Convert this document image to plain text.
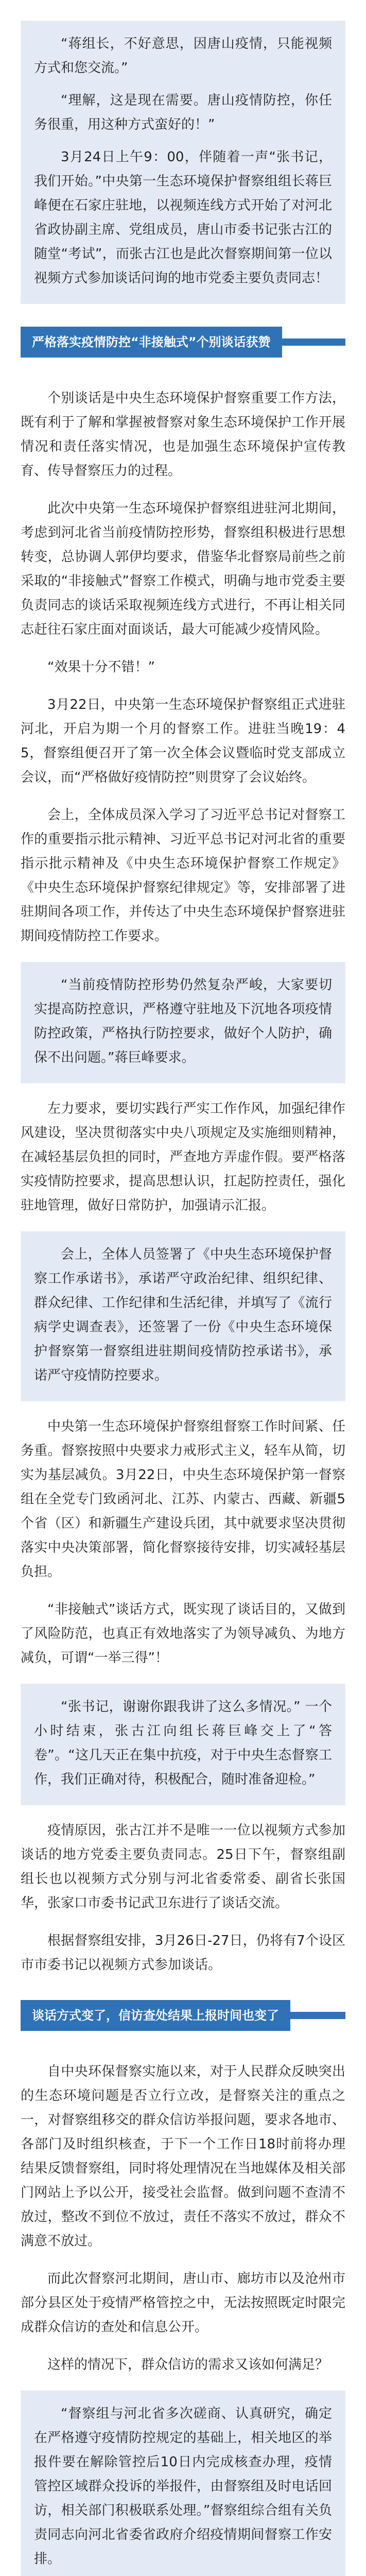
“蒋组长，不好意思，因唐山疫情，只能视频方式和您交流。”

“理解，这是现在需要。唐山疫情防控，你任务很重，用这种方式蛮好的！”

3月24日上午9：00，伴随着一声“张书记，我们开始。”中央第一生态环境保护督察组组长蒋巨峰便在石家庄驻地，以视频连线方式开始了对河北省政协副主席、党组成员，唐山市委书记张古江的随堂“考试”，而张古江也是此次督察期间第一位以视频方式参加谈话问询的地市党委主要负责同志！

严格落实疫情防控“非接触式”个别谈话获赞

个别谈话是中央生态环境保护督察重要工作方法，既有利于了解和掌握被督察对象生态环境保护工作开展情况和责任落实情况，也是加强生态环境保护宣传教育、传导督察压力的过程。

此次中央第一生态环境保护督察组进驻河北期间，考虑到河北省当前疫情防控形势，督察组积极进行思想转变，总协调人郭伊均要求，借鉴华北督察局前些之前采取的“非接触式”督察工作模式，明确与地市党委主要负责同志的谈话采取视频连线方式进行，不再让相关同志赶往石家庄面对面谈话，最大可能减少疫情风险。

“效果十分不错！”

3月22日，中央第一生态环境保护督察组正式进驻河北，开启为期一个月的督察工作。进驻当晚19：45，督察组便召开了第一次全体会议暨临时党支部成立会议，而“严格做好疫情防控”则贯穿了会议始终。

会上，全体成员深入学习了习近平总书记对督察工作的重要指示批示精神、习近平总书记对河北省的重要指示批示精神及《中央生态环境保护督察工作规定》《中央生态环境保护督察纪律规定》等，安排部署了进驻期间各项工作，并传达了中央生态环境保护督察进驻期间疫情防控工作要求。

“当前疫情防控形势仍然复杂严峻，大家要切实提高防控意识，严格遵守驻地及下沉地各项疫情防控政策，严格执行防控要求，做好个人防护，确保不出问题。”蒋巨峰要求。

左力要求，要切实践行严实工作作风，加强纪律作风建设，坚决贯彻落实中央八项规定及实施细则精神，在减轻基层负担的同时，严查地方弄虚作假。要严格落实疫情防控要求，提高思想认识，扛起防控责任，强化驻地管理，做好日常防护，加强请示汇报。

会上，全体人员签署了《中央生态环境保护督察工作承诺书》，承诺严守政治纪律、组织纪律、群众纪律、工作纪律和生活纪律，并填写了《流行病学史调查表》，还签署了一份《中央生态环境保护督察第一督察组进驻期间疫情防控承诺书》，承诺严守疫情防控要求。

中央第一生态环境保护督察组督察工作时间紧、任务重。督察按照中央要求力戒形式主义，轻车从简，切实为基层减负。3月22日，中央生态环境保护第一督察组在全党专门致函河北、江苏、内蒙古、西藏、新疆5个省（区）和新疆生产建设兵团，其中就要求坚决贯彻落实中央决策部署，简化督察接待安排，切实减轻基层负担。

“非接触式”谈话方式，既实现了谈话目的，又做到了风险防范，也真正有效地落实了为领导减负、为地方减负，可谓“一举三得”！

“张书记，谢谢你跟我讲了这么多情况。” 一个小时结束，张古江向组长蒋巨峰交上了“答卷”。“这几天正在集中抗疫，对于中央生态督察工作，我们正确对待，积极配合，随时准备迎检。”

疫情原因，张古江并不是唯一一位以视频方式参加谈话的地方党委主要负责同志。25日下午，督察组副组长也以视频方式分别与河北省委常委、副省长张国华，张家口市委书记武卫东进行了谈话交流。

根据督察组安排，3月26日-27日，仍将有7个设区市市委书记以视频方式参加谈话。

谈话方式变了，信访查处结果上报时间也变了

自中央环保督察实施以来，对于人民群众反映突出的生态环境问题是否立行立改，是督察关注的重点之一，对督察组移交的群众信访举报问题，要求各地市、各部门及时组织核查，于下一个工作日18时前将办理结果反馈督察组，同时将处理情况在当地媒体及相关部门网站上予以公开，接受社会监督。做到问题不查清不放过，整改不到位不放过，责任不落实不放过，群众不满意不放过。

而此次督察河北期间，唐山市、廊坊市以及沧州市部分县区处于疫情严格管控之中，无法按照既定时限完成群众信访的查处和信息公开。

这样的情况下，群众信访的需求又该如何满足？

“督察组与河北省多次磋商、认真研究，确定在严格遵守疫情防控规定的基础上，相关地区的举报件要在解除管控后10日内完成核查办理，疫情管控区域群众投诉的举报件，由督察组及时电话回访，相关部门积极联系处理。”督察组综合组有关负责同志向河北省委省政府介绍疫情期间督察工作安排。
